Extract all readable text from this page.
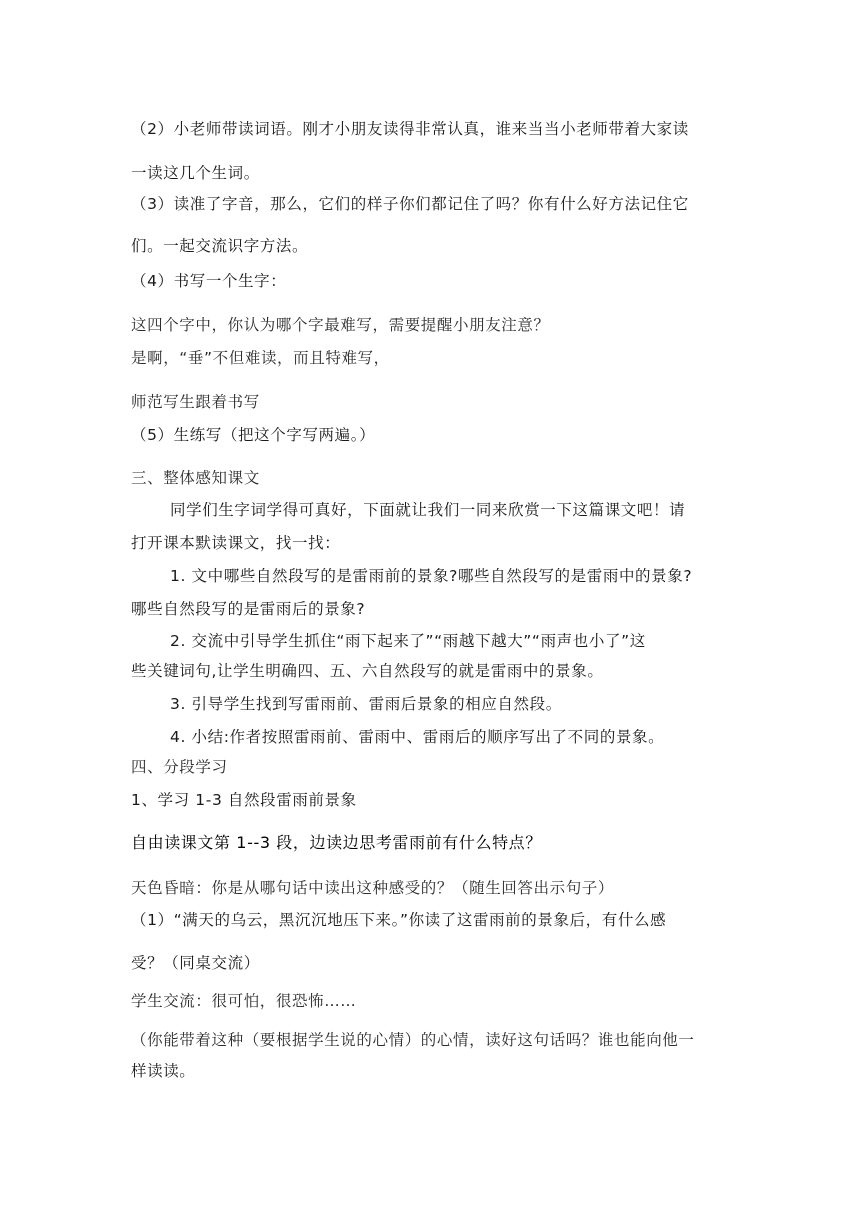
（2）小老师带读词语。刚才小朋友读得非常认真，谁来当当小老师带着大家读
一读这几个生词。
（3）读准了字音，那么，它们的样子你们都记住了吗？你有什么好方法记住它
们。一起交流识字方法。
（4）书写一个生字：
这四个字中，你认为哪个字最难写，需要提醒小朋友注意？
是啊，“垂”不但难读，而且特难写，
师范写生跟着书写
（5）生练写（把这个字写两遍。）
三、整体感知课文
同学们生字词学得可真好，下面就让我们一同来欣赏一下这篇课文吧！请
打开课本默读课文，找一找：
1. 文中哪些自然段写的是雷雨前的景象?哪些自然段写的是雷雨中的景象?
哪些自然段写的是雷雨后的景象?
2. 交流中引导学生抓住“雨下起来了”“雨越下越大”“雨声也小了”这
些关键词句,让学生明确四、五、六自然段写的就是雷雨中的景象。
3. 引导学生找到写雷雨前、雷雨后景象的相应自然段。
4. 小结:作者按照雷雨前、雷雨中、雷雨后的顺序写出了不同的景象。
四、分段学习
1、学习 1-3 自然段雷雨前景象
自由读课文第 1--3 段，边读边思考雷雨前有什么特点？
天色昏暗：你是从哪句话中读出这种感受的？（随生回答出示句子）
（1）“满天的乌云，黑沉沉地压下来。”你读了这雷雨前的景象后，有什么感
受？（同桌交流）
学生交流：很可怕，很恐怖……
（你能带着这种（要根据学生说的心情）的心情，读好这句话吗？谁也能向他一
样读读。
